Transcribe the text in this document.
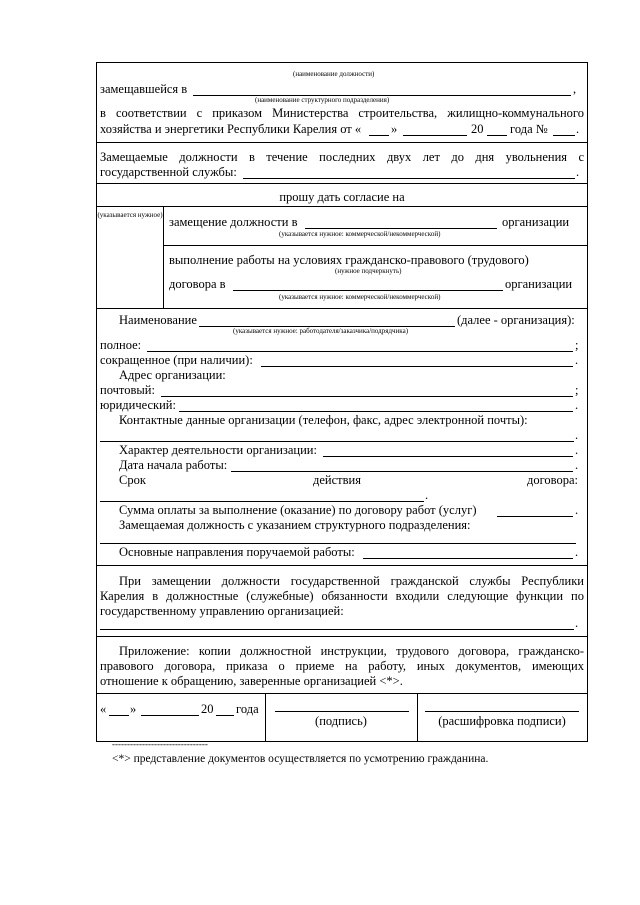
(наименование должности)
замещавшейся в	,
(наименование структурного подразделения)
в соответствии с приказом Министерства строительства, жилищно-коммунального
хозяйства и энергетики Республики Карелия от « »	20 года № .
Замещаемые должности в течение последних двух лет до дня увольнения с
государственной службы:	.
прошу дать согласие на
(указывается нужное) замещение должности в	организации
(указывается нужное: коммерческой/некоммерческой)
выполнение работы на условиях гражданско-правового (трудового)
(нужное подчеркнуть)
договора в	организации
(указывается нужное: коммерческой/некоммерческой)
Наименование	(далее - организация):
(указывается нужное: работодателя/заказчика/подрядчика)
полное:	;
сокращенное (при наличии):	.
Адрес организации:
почтовый:	;
юридический:	.
Контактные данные организации (телефон, факс, адрес электронной почты):
.
Характер деятельности организации:	.
Дата начала работы:	.
Срок	действия	договора:
.
Сумма оплаты за выполнение (оказание) по договору работ (услуг)	.
Замещаемая должность с указанием структурного подразделения:
Основные направления поручаемой работы:	.
При замещении должности государственной гражданской службы Республики
Карелия в должностные (служебные) обязанности входили следующие функции по
государственному управлению организацией:
.
Приложение: копии должностной инструкции, трудового договора, гражданско-
правового договора, приказа о приеме на работу, иных документов, имеющих
отношение к обращению, заверенные организацией <*>.
« »	20 года
(подпись)	(расшифровка подписи)
--------------------------------
<*> представление документов осуществляется по усмотрению гражданина.
